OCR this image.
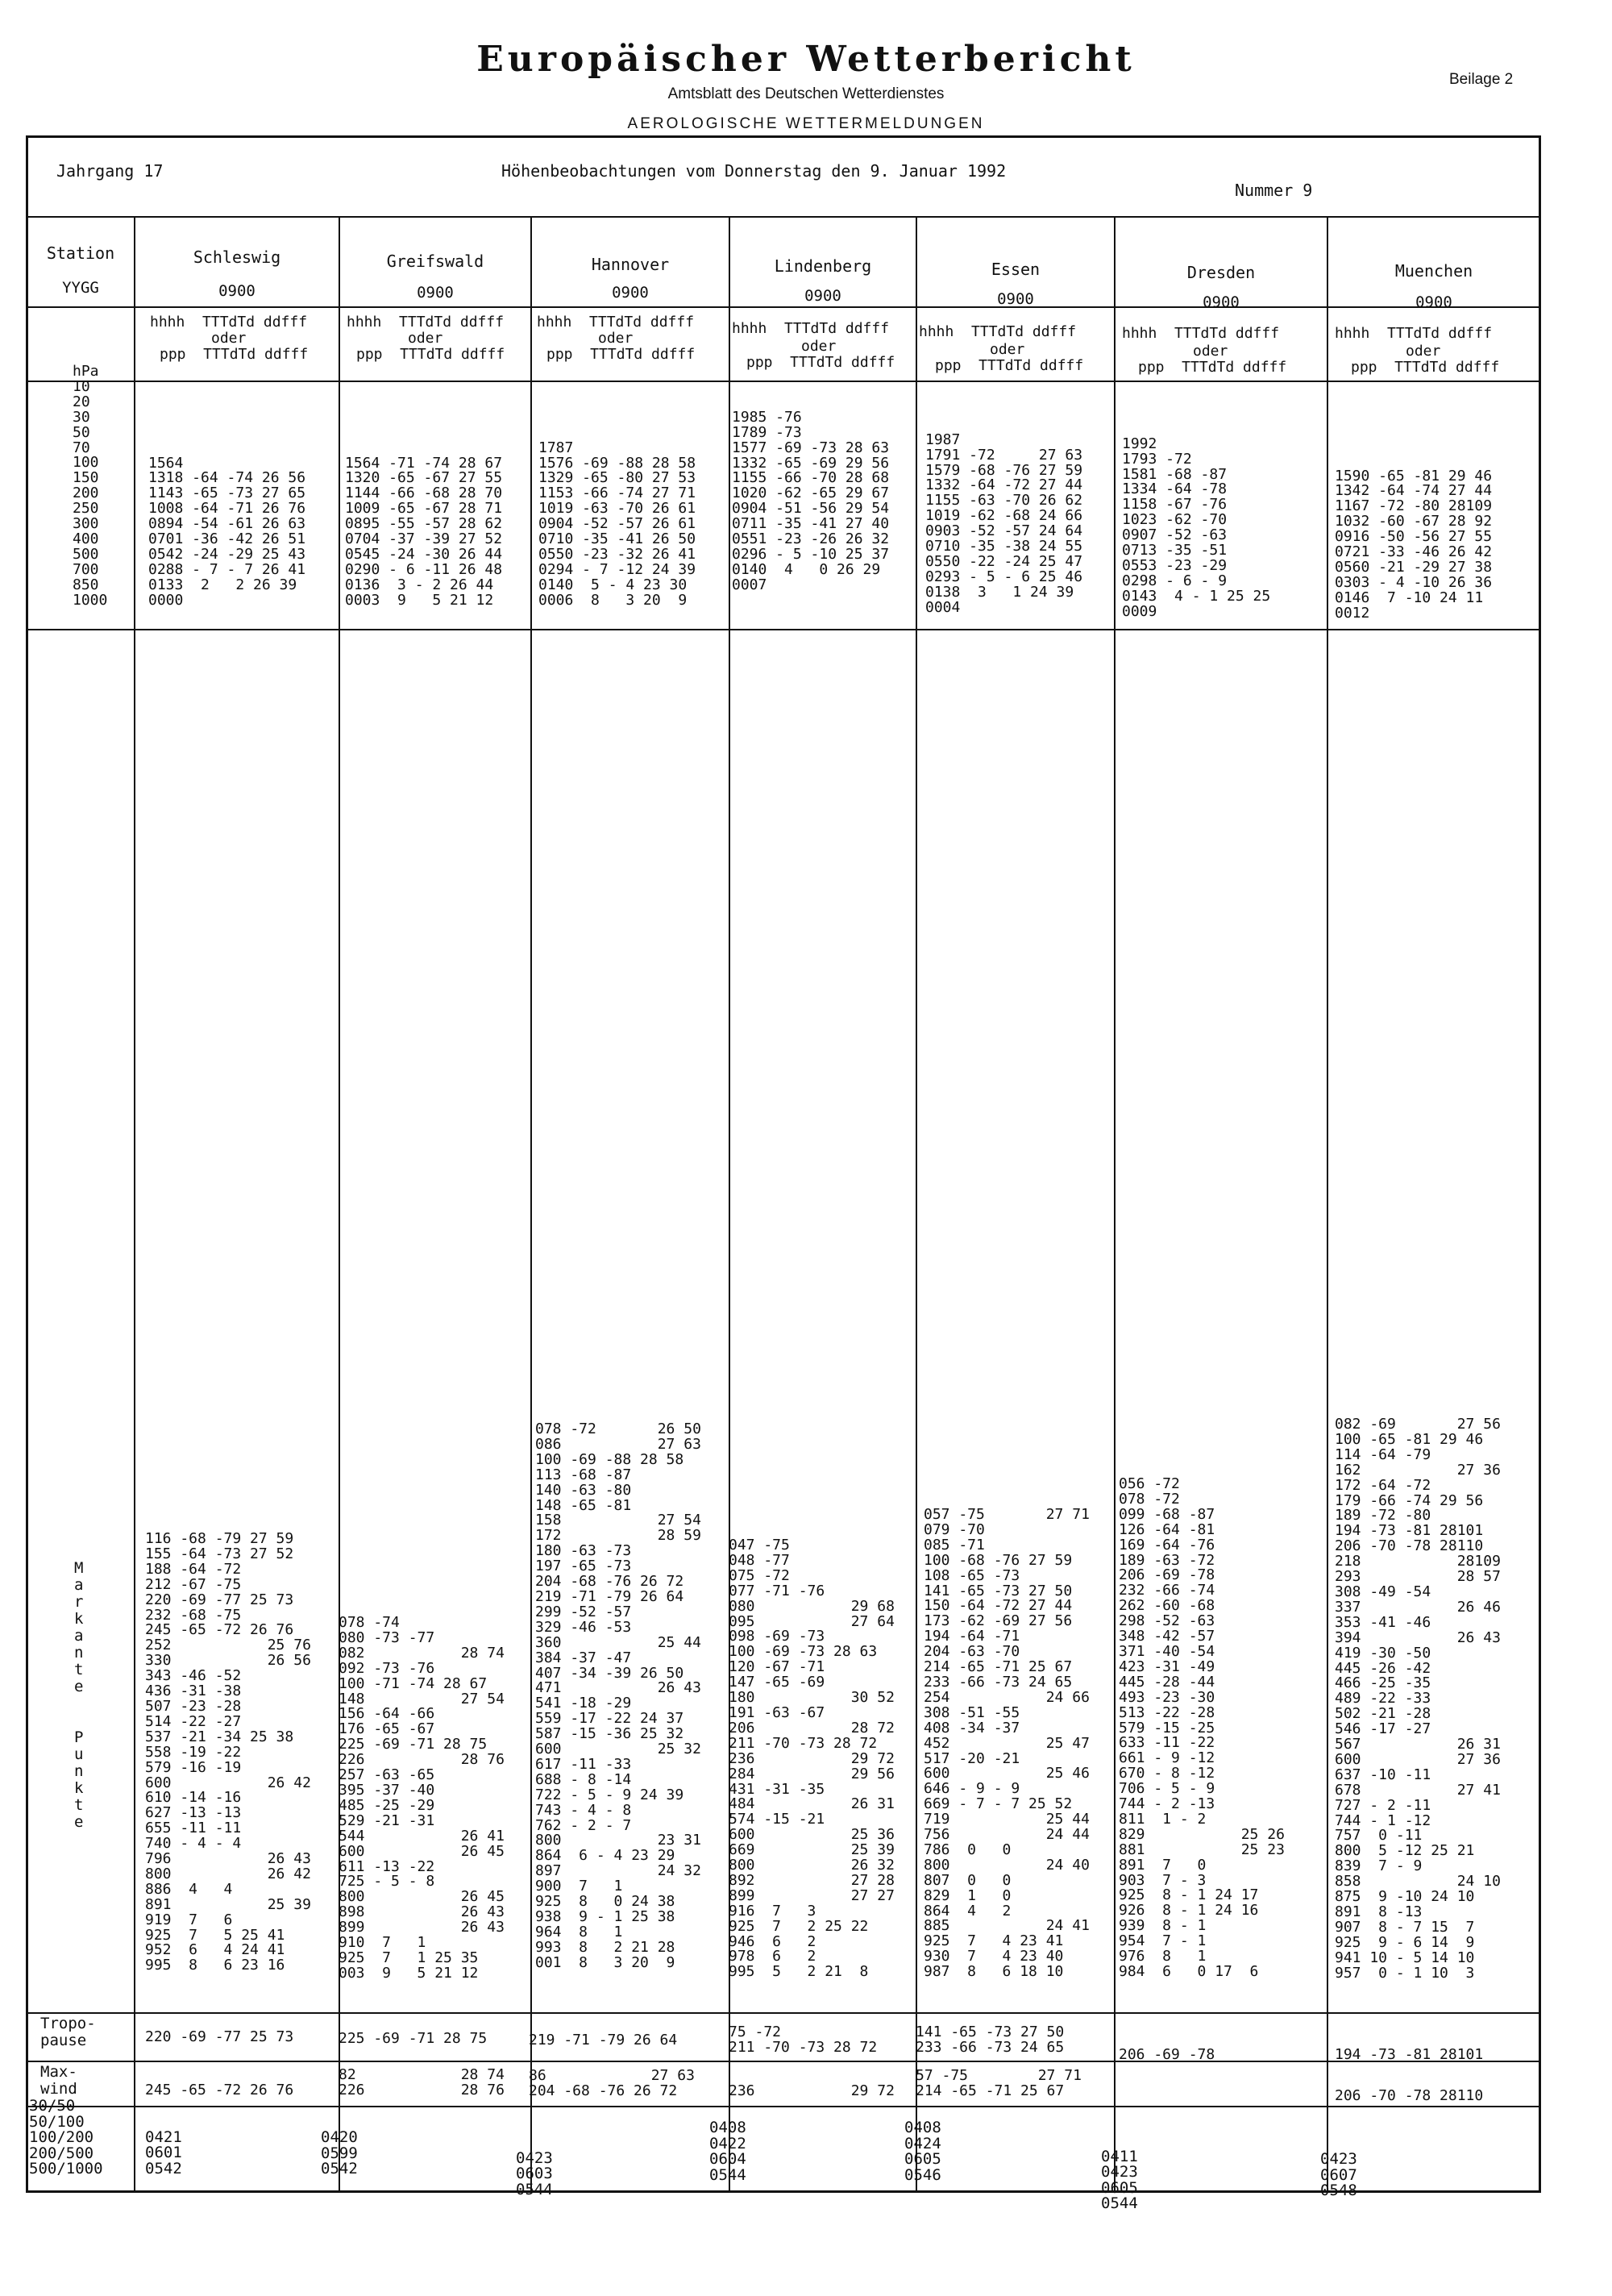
Europäischer Wetterbericht
Amtsblatt des Deutschen Wetterdienstes
AEROLOGISCHE WETTERMELDUNGEN
Beilage 2
Jahrgang 17	Höhenbeobachtungen vom Donnerstag den 9. Januar 1992
Nummer 9
Station
YYGG
hPa
10
20
30
50
70
100
150
200
250
300
400
500
700
850
1000
M
a
r
k
a
n
t
e

P
u
n
k
t
e
Tropo-
pause
Max-
wind
30/50
50/100
100/200
200/500
500/1000
Schleswig
0900
hhhh  TTTdTd ddfff
oder
ppp  TTTdTd ddfff

1564
1318 -64 -74 26 56
1143 -65 -73 27 65
1008 -64 -71 26 76
0894 -54 -61 26 63
0701 -36 -42 26 51
0542 -24 -29 25 43
0288 - 7 - 7 26 41
0133  2   2 26 39
0000
116 -68 -79 27 59
155 -64 -73 27 52
188 -64 -72
212 -67 -75
220 -69 -77 25 73
232 -68 -75
245 -65 -72 26 76
252           25 76
330           26 56
343 -46 -52
436 -31 -38
507 -23 -28
514 -22 -27
537 -21 -34 25 38
558 -19 -22
579 -16 -19
600           26 42
610 -14 -16
627 -13 -13
655 -11 -11
740 - 4 - 4
796           26 43
800           26 42
886  4   4
891           25 39
919  7   6
925  7   5 25 41
952  6   4 24 41
995  8   6 23 16
220 -69 -77 25 73
245 -65 -72 26 76

0421
0601
0542
Greifswald
0900
hhhh  TTTdTd ddfff
oder
ppp  TTTdTd ddfff

1564 -71 -74 28 67
1320 -65 -67 27 55
1144 -66 -68 28 70
1009 -65 -67 28 71
0895 -55 -57 28 62
0704 -37 -39 27 52
0545 -24 -30 26 44
0290 - 6 -11 26 48
0136  3 - 2 26 44
0003  9   5 21 12
078 -74
080 -73 -77
082           28 74
092 -73 -76
100 -71 -74 28 67
148           27 54
156 -64 -66
176 -65 -67
225 -69 -71 28 75
226           28 76
257 -63 -65
395 -37 -40
485 -25 -29
529 -21 -31
544           26 41
600           26 45
611 -13 -22
725 - 5 - 8
800           26 45
898           26 43
899           26 43
910  7   1
925  7   1 25 35
003  9   5 21 12
225 -69 -71 28 75
82            28 74
226           28 76
0420
0599
0542
Hannover
0900
hhhh  TTTdTd ddfff
oder
ppp  TTTdTd ddfff

1787
1576 -69 -88 28 58
1329 -65 -80 27 53
1153 -66 -74 27 71
1019 -63 -70 26 61
0904 -52 -57 26 61
0710 -35 -41 26 50
0550 -23 -32 26 41
0294 - 7 -12 24 39
0140  5 - 4 23 30
0006  8   3 20  9
078 -72       26 50
086           27 63
100 -69 -88 28 58
113 -68 -87
140 -63 -80
148 -65 -81
158           27 54
172           28 59
180 -63 -73
197 -65 -73
204 -68 -76 26 72
219 -71 -79 26 64
299 -52 -57
329 -46 -53
360           25 44
384 -37 -47
407 -34 -39 26 50
471           26 43
541 -18 -29
559 -17 -22 24 37
587 -15 -36 25 32
600           25 32
617 -11 -33
688 - 8 -14
722 - 5 - 9 24 39
743 - 4 - 8
762 - 2 - 7
800           23 31
864  6 - 4 23 29
897           24 32
900  7   1
925  8   0 24 38
938  9 - 1 25 38
964  8   1
993  8   2 21 28
001  8   3 20  9
219 -71 -79 26 64
86            27 63
204 -68 -76 26 72

0423
0603
0544
Lindenberg
0900
hhhh  TTTdTd ddfff
oder
ppp  TTTdTd ddfff

1985 -76
1789 -73
1577 -69 -73 28 63
1332 -65 -69 29 56
1155 -66 -70 28 68
1020 -62 -65 29 67
0904 -51 -56 29 54
0711 -35 -41 27 40
0551 -23 -26 26 32
0296 - 5 -10 25 37
0140  4   0 26 29
0007
047 -75
048 -77
075 -72
077 -71 -76
080           29 68
095           27 64
098 -69 -73
100 -69 -73 28 63
120 -67 -71
147 -65 -69
180           30 52
191 -63 -67
206           28 72
211 -70 -73 28 72
236           29 72
284           29 56
431 -31 -35
484           26 31
574 -15 -21
600           25 36
669           25 39
800           26 32
892           27 28
899           27 27
916  7   3
925  7   2 25 22
946  6   2
978  6   2
995  5   2 21  8
75 -72
211 -70 -73 28 72

236           29 72
0408
0422
0604
0544
Essen
0900
hhhh  TTTdTd ddfff
oder
ppp  TTTdTd ddfff

1987
1791 -72     27 63
1579 -68 -76 27 59
1332 -64 -72 27 44
1155 -63 -70 26 62
1019 -62 -68 24 66
0903 -52 -57 24 64
0710 -35 -38 24 55
0550 -22 -24 25 47
0293 - 5 - 6 25 46
0138  3   1 24 39
0004
057 -75       27 71
079 -70
085 -71
100 -68 -76 27 59
108 -65 -73
141 -65 -73 27 50
150 -64 -72 27 44
173 -62 -69 27 56
194 -64 -71
204 -63 -70
214 -65 -71 25 67
233 -66 -73 24 65
254           24 66
308 -51 -55
408 -34 -37
452           25 47
517 -20 -21
600           25 46
646 - 9 - 9
669 - 7 - 7 25 52
719           25 44
756           24 44
786  0   0
800           24 40
807  0   0
829  1   0
864  4   2
885           24 41
925  7   4 23 41
930  7   4 23 40
987  8   6 18 10
141 -65 -73 27 50
233 -66 -73 24 65
57 -75        27 71
214 -65 -71 25 67
0408
0424
0605
0546
Dresden
0900
hhhh  TTTdTd ddfff
oder
ppp  TTTdTd ddfff

1992
1793 -72
1581 -68 -87
1334 -64 -78
1158 -67 -76
1023 -62 -70
0907 -52 -63
0713 -35 -51
0553 -23 -29
0298 - 6 - 9
0143  4 - 1 25 25
0009
056 -72
078 -72
099 -68 -87
126 -64 -81
169 -64 -76
189 -63 -72
206 -69 -78
232 -66 -74
262 -60 -68
298 -52 -63
348 -42 -57
371 -40 -54
423 -31 -49
445 -28 -44
493 -23 -30
513 -22 -28
579 -15 -25
633 -11 -22
661 - 9 -12
670 - 8 -12
706 - 5 - 9
744 - 2 -13
811  1 - 2
829           25 26
881           25 23
891  7   0
903  7 - 3
925  8 - 1 24 17
926  8 - 1 24 16
939  8 - 1
954  7 - 1
976  8   1
984  6   0 17  6
206 -69 -78

0411
0423
0605
0544
Muenchen
0900
hhhh  TTTdTd ddfff
oder
ppp  TTTdTd ddfff

1590 -65 -81 29 46
1342 -64 -74 27 44
1167 -72 -80 28109
1032 -60 -67 28 92
0916 -50 -56 27 55
0721 -33 -46 26 42
0560 -21 -29 27 38
0303 - 4 -10 26 36
0146  7 -10 24 11
0012
082 -69       27 56
100 -65 -81 29 46
114 -64 -79
162           27 36
172 -64 -72
179 -66 -74 29 56
189 -72 -80
194 -73 -81 28101
206 -70 -78 28110
218           28109
293           28 57
308 -49 -54
337           26 46
353 -41 -46
394           26 43
419 -30 -50
445 -26 -42
466 -25 -35
489 -22 -33
502 -21 -28
546 -17 -27
567           26 31
600           27 36
637 -10 -11
678           27 41
727 - 2 -11
744 - 1 -12
757  0 -11
800  5 -12 25 21
839  7 - 9
858           24 10
875  9 -10 24 10
891  8 -13
907  8 - 7 15  7
925  9 - 6 14  9
941 10 - 5 14 10
957  0 - 1 10  3
194 -73 -81 28101

206 -70 -78 28110

0423
0607
0548
